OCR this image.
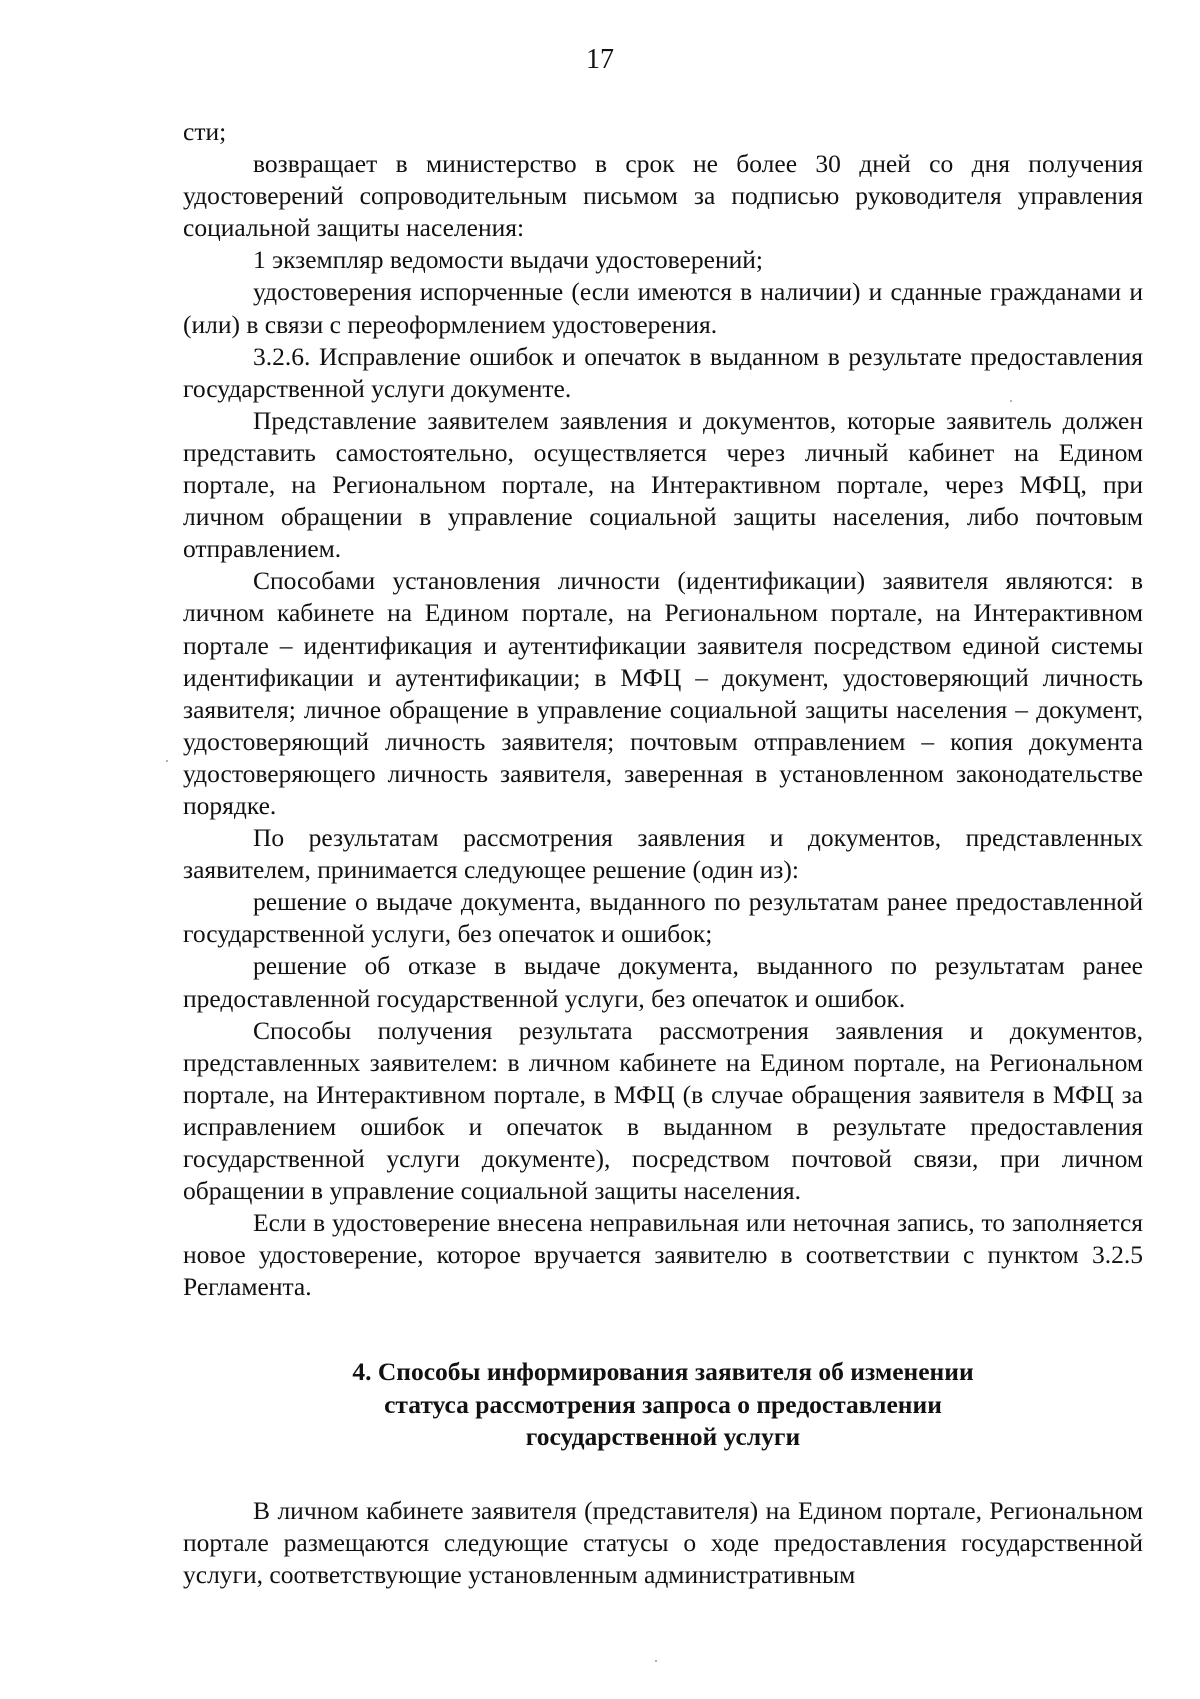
17

сти;

возвращает в министерство в срок не более 30 дней со дня получения удостоверений сопроводительным письмом за подписью руководителя управления социальной защиты населения:

1 экземпляр ведомости выдачи удостоверений;

удостоверения испорченные (если имеются в наличии) и сданные гражданами и (или) в связи с переоформлением удостоверения.

3.2.6. Исправление ошибок и опечаток в выданном в результате предоставления государственной услуги документе.

Представление заявителем заявления и документов, которые заявитель должен представить самостоятельно, осуществляется через личный кабинет на Едином портале, на Региональном портале, на Интерактивном портале, через МФЦ, при личном обращении в управление социальной защиты населения, либо почтовым отправлением.

Способами установления личности (идентификации) заявителя являются: в личном кабинете на Едином портале, на Региональном портале, на Интерактивном портале – идентификация и аутентификации заявителя посредством единой системы идентификации и аутентификации; в МФЦ – документ, удостоверяющий личность заявителя; личное обращение в управление социальной защиты населения – документ, удостоверяющий личность заявителя; почтовым отправлением – копия документа удостоверяющего личность заявителя, заверенная в установленном законодательстве порядке.

По результатам рассмотрения заявления и документов, представленных заявителем, принимается следующее решение (один из):

решение о выдаче документа, выданного по результатам ранее предоставленной государственной услуги, без опечаток и ошибок;

решение об отказе в выдаче документа, выданного по результатам ранее предоставленной государственной услуги, без опечаток и ошибок.

Способы получения результата рассмотрения заявления и документов, представленных заявителем: в личном кабинете на Едином портале, на Региональном портале, на Интерактивном портале, в МФЦ (в случае обращения заявителя в МФЦ за исправлением ошибок и опечаток в выданном в результате предоставления государственной услуги документе), посредством почтовой связи, при личном обращении в управление социальной защиты населения.

Если в удостоверение внесена неправильная или неточная запись, то заполняется новое удостоверение, которое вручается заявителю в соответствии с пунктом 3.2.5 Регламента.

4. Способы информирования заявителя об изменении
статуса рассмотрения запроса о предоставлении
государственной услуги

В личном кабинете заявителя (представителя) на Едином портале, Региональном портале размещаются следующие статусы о ходе предоставления государственной услуги, соответствующие установленным административным
